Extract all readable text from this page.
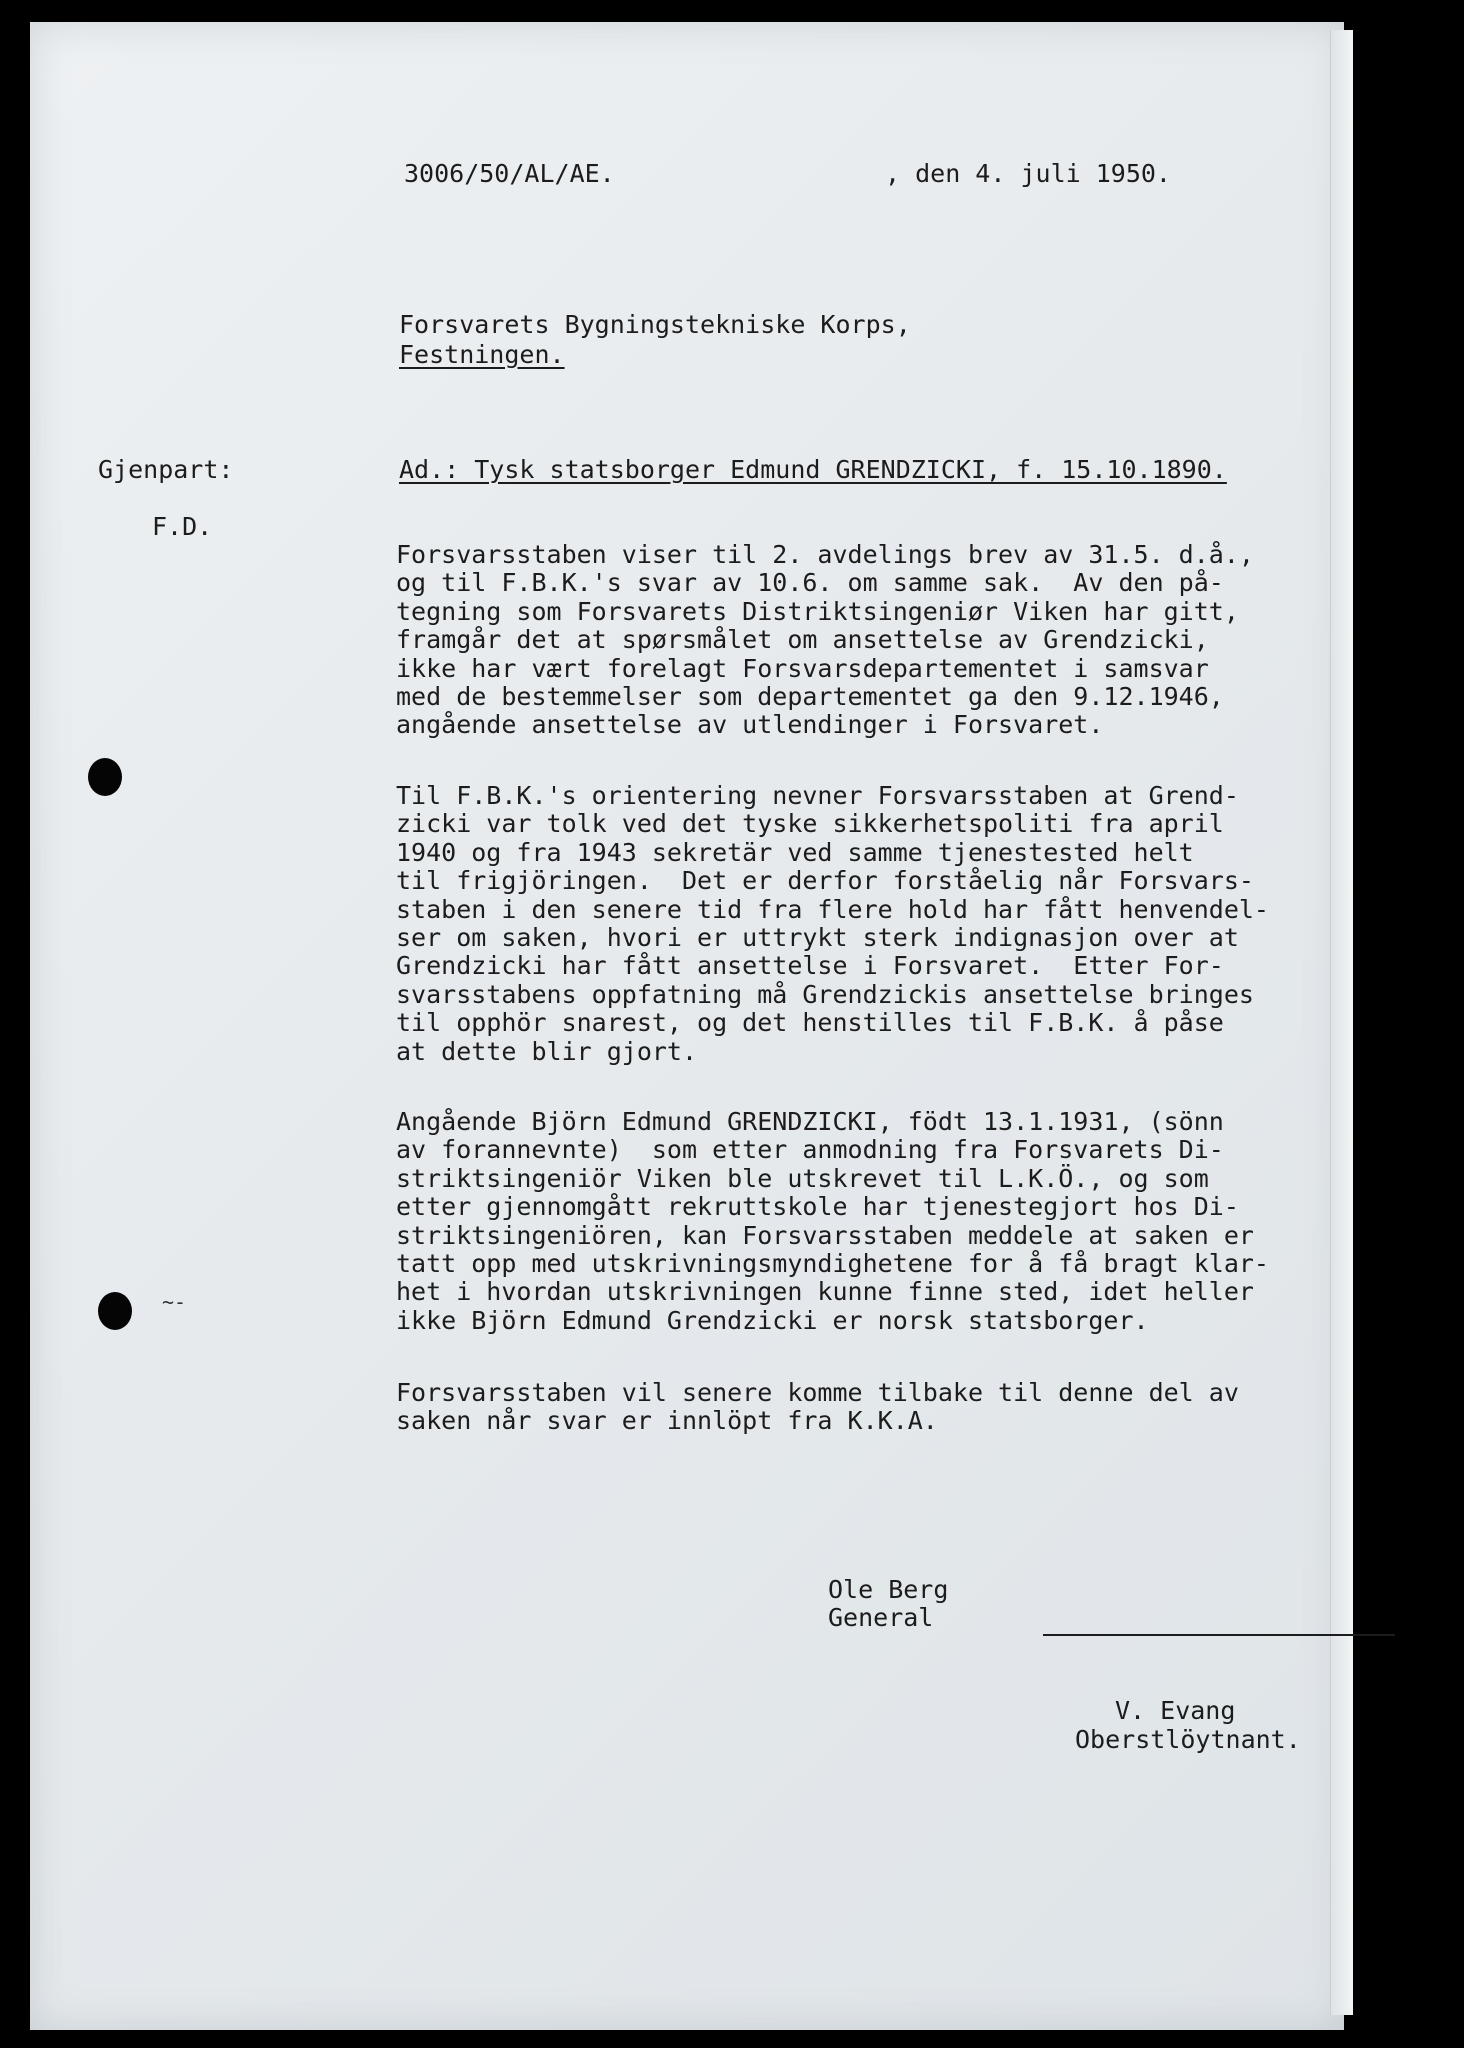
~-
3006/50/AL/AE.	, den 4. juli 1950.
Forsvarets Bygningstekniske Korps,
Festningen.
Gjenpart:
F.D.
Ad.: Tysk statsborger Edmund GRENDZICKI, f. 15.10.1890.
Forsvarsstaben viser til 2. avdelings brev av 31.5. d.å.,
og til F.B.K.'s svar av 10.6. om samme sak.  Av den på-
tegning som Forsvarets Distriktsingeniør Viken har gitt,
framgår det at spørsmålet om ansettelse av Grendzicki,
ikke har vært forelagt Forsvarsdepartementet i samsvar
med de bestemmelser som departementet ga den 9.12.1946,
angående ansettelse av utlendinger i Forsvaret.
Til F.B.K.'s orientering nevner Forsvarsstaben at Grend-
zicki var tolk ved det tyske sikkerhetspoliti fra april
1940 og fra 1943 sekretär ved samme tjenestested helt
til frigjöringen.  Det er derfor forståelig når Forsvars-
staben i den senere tid fra flere hold har fått henvendel-
ser om saken, hvori er uttrykt sterk indignasjon over at
Grendzicki har fått ansettelse i Forsvaret.  Etter For-
svarsstabens oppfatning må Grendzickis ansettelse bringes
til opphör snarest, og det henstilles til F.B.K. å påse
at dette blir gjort.
Angående Björn Edmund GRENDZICKI, födt 13.1.1931, (sönn
av forannevnte)  som etter anmodning fra Forsvarets Di-
striktsingeniör Viken ble utskrevet til L.K.Ö., og som
etter gjennomgått rekruttskole har tjenestegjort hos Di-
striktsingeniören, kan Forsvarsstaben meddele at saken er
tatt opp med utskrivningsmyndighetene for å få bragt klar-
het i hvordan utskrivningen kunne finne sted, idet heller
ikke Björn Edmund Grendzicki er norsk statsborger.
Forsvarsstaben vil senere komme tilbake til denne del av
saken når svar er innlöpt fra K.K.A.
Ole Berg
General
V. Evang
Oberstlöytnant.
